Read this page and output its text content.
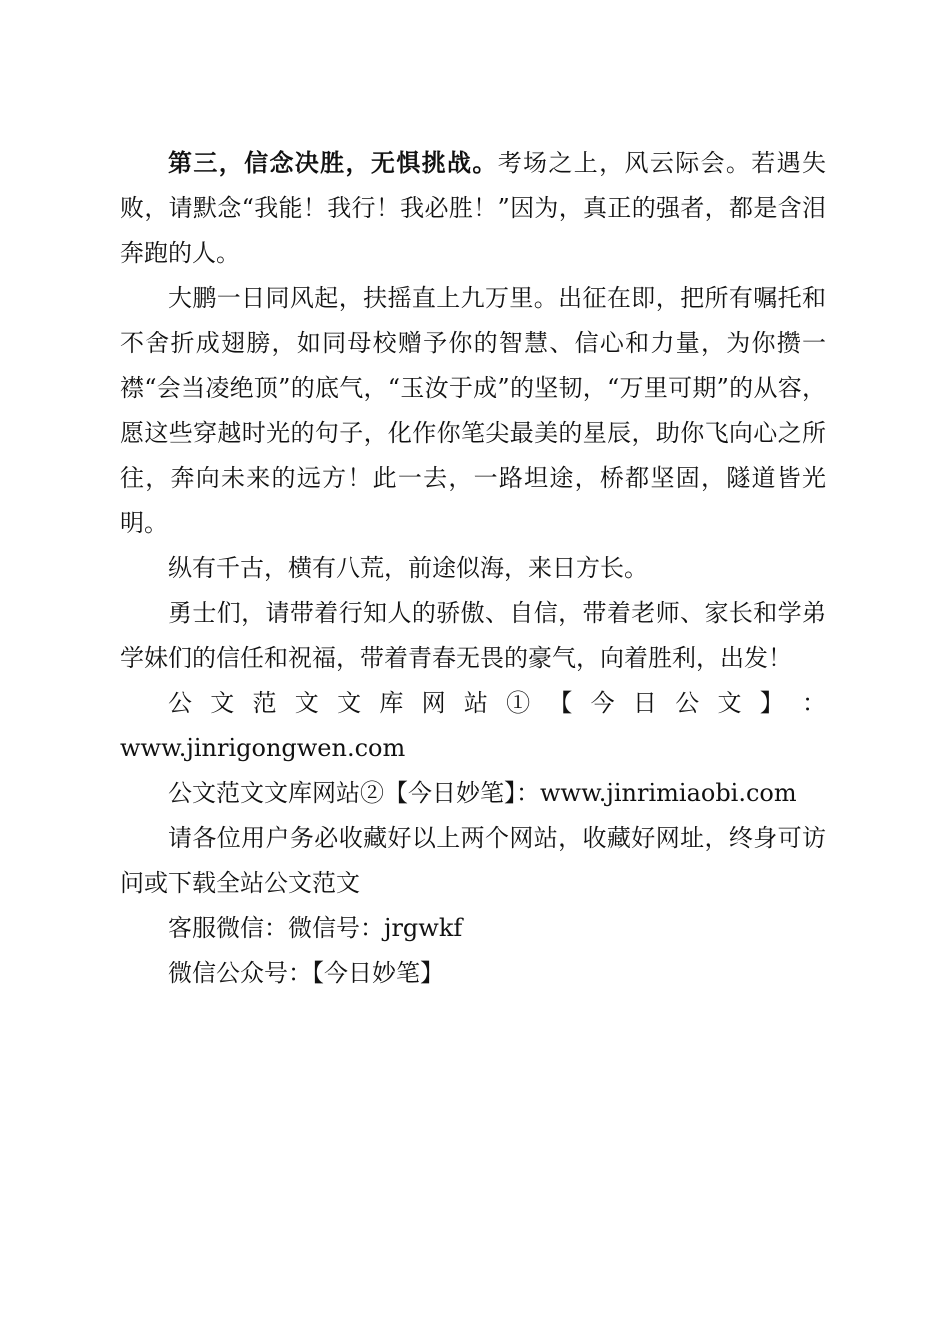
第三，信念决胜，无惧挑战。考场之上，风云际会。若遇失败，请默念“我能！我行！我必胜！”因为，真正的强者，都是含泪奔跑的人。

大鹏一日同风起，扶摇直上九万里。出征在即，把所有嘱托和不舍折成翅膀，如同母校赠予你的智慧、信心和力量，为你攒一襟“会当凌绝顶”的底气，“玉汝于成”的坚韧，“万里可期”的从容，愿这些穿越时光的句子，化作你笔尖最美的星辰，助你飞向心之所往，奔向未来的远方！此一去，一路坦途，桥都坚固，隧道皆光明。

纵有千古，横有八荒，前途似海，来日方长。

勇士们，请带着行知人的骄傲、自信，带着老师、家长和学弟学妹们的信任和祝福，带着青春无畏的豪气，向着胜利，出发！

公 文 范 文 文 库 网 站 ① 【 今 日 公 文 】 ：
www.jinrigongwen.com

公文范文文库网站②【今日妙笔】：www.jinrimiaobi.com

请各位用户务必收藏好以上两个网站，收藏好网址，终身可访问或下载全站公文范文

客服微信：微信号：jrgwkf

微信公众号：【今日妙笔】
